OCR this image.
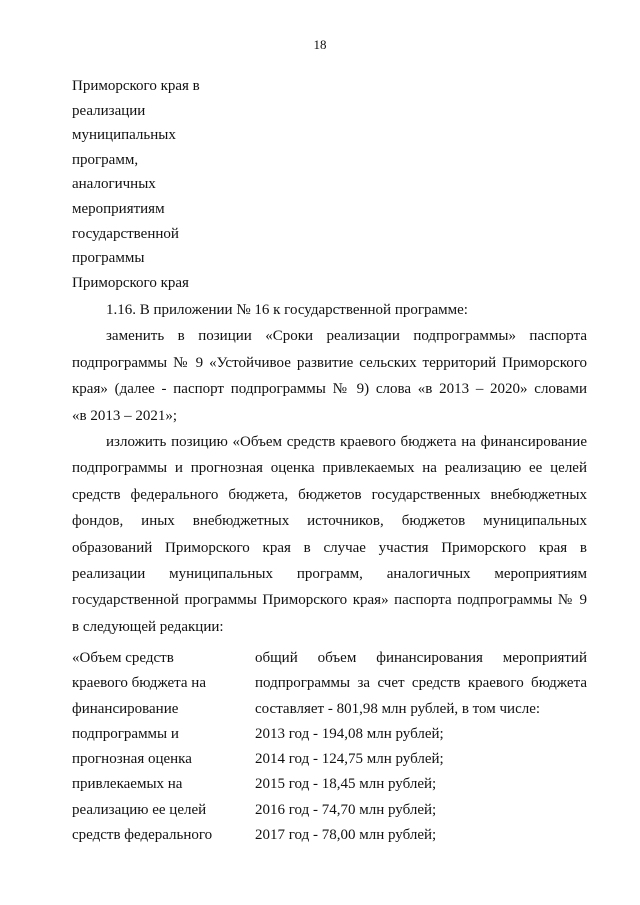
18
Приморского края в
реализации
муниципальных
программ,
аналогичных
мероприятиям
государственной
программы
Приморского края

1.16. В приложении № 16 к государственной программе:

заменить в позиции «Сроки реализации подпрограммы» паспорта

подпрограммы № 9 «Устойчивое развитие сельских территорий Приморского

края» (далее - паспорт подпрограммы № 9) слова «в 2013 – 2020» словами

«в 2013 – 2021»;

изложить позицию «Объем средств краевого бюджета на финансирование

подпрограммы и прогнозная оценка привлекаемых на реализацию ее целей

средств федерального бюджета, бюджетов государственных внебюджетных

фондов, иных внебюджетных источников, бюджетов муниципальных

образований Приморского края в случае участия Приморского края в

реализации муниципальных программ, аналогичных мероприятиям

государственной программы Приморского края» паспорта подпрограммы № 9

в следующей редакции:

«Объем средств
краевого бюджета на
финансирование
подпрограммы и
прогнозная оценка
привлекаемых на
реализацию ее целей
средств федерального
общий объем финансирования мероприятий
подпрограммы за счет средств краевого бюджета
составляет - 801,98 млн рублей, в том числе:
2013 год - 194,08 млн рублей;
2014 год - 124,75 млн рублей;
2015 год - 18,45 млн рублей;
2016 год - 74,70 млн рублей;
2017 год - 78,00 млн рублей;
